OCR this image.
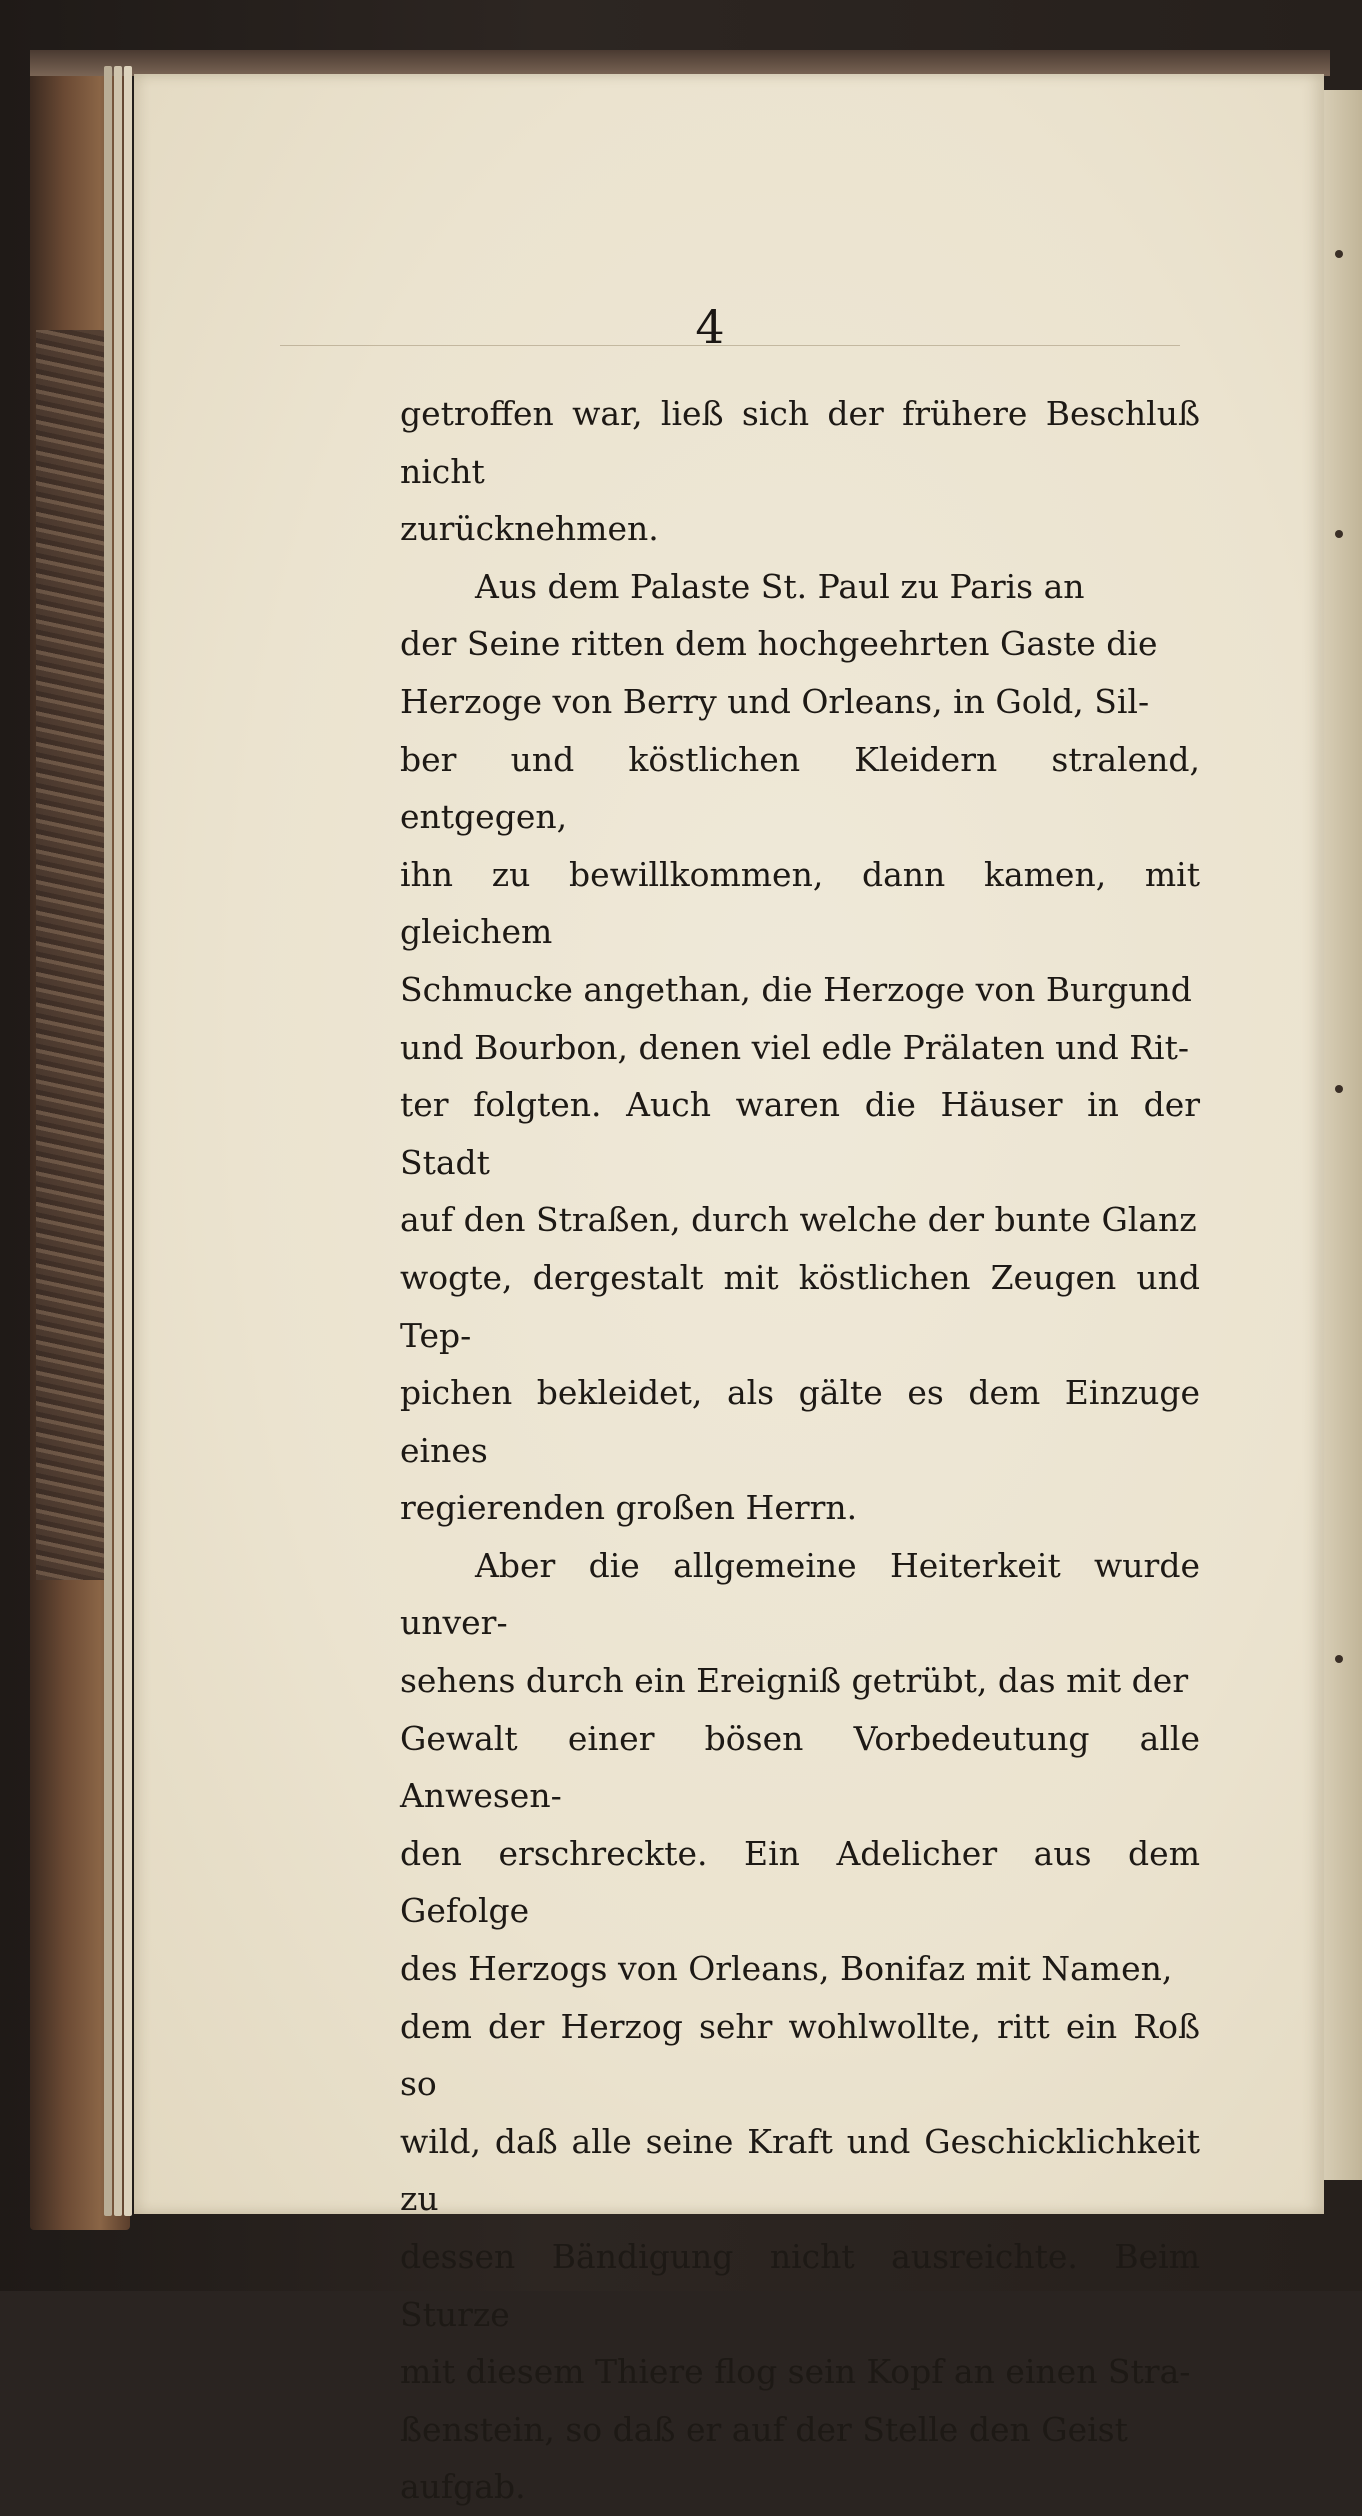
4

getroffen war, ließ sich der frühere Beschluß nicht
zurücknehmen.

Aus dem Palaste St. Paul zu Paris an
der Seine ritten dem hochgeehrten Gaste die
Herzoge von Berry und Orleans, in Gold, Sil-
ber und köstlichen Kleidern stralend, entgegen,
ihn zu bewillkommen, dann kamen, mit gleichem
Schmucke angethan, die Herzoge von Burgund
und Bourbon, denen viel edle Prälaten und Rit-
ter folgten. Auch waren die Häuser in der Stadt
auf den Straßen, durch welche der bunte Glanz
wogte, dergestalt mit köstlichen Zeugen und Tep-
pichen bekleidet, als gälte es dem Einzuge eines
regierenden großen Herrn.

Aber die allgemeine Heiterkeit wurde unver-
sehens durch ein Ereigniß getrübt, das mit der
Gewalt einer bösen Vorbedeutung alle Anwesen-
den erschreckte. Ein Adelicher aus dem Gefolge
des Herzogs von Orleans, Bonifaz mit Namen,
dem der Herzog sehr wohlwollte, ritt ein Roß so
wild, daß alle seine Kraft und Geschicklichkeit zu
dessen Bändigung nicht ausreichte. Beim Sturze
mit diesem Thiere flog sein Kopf an einen Stra-
ßenstein, so daß er auf der Stelle den Geist
aufgab.
